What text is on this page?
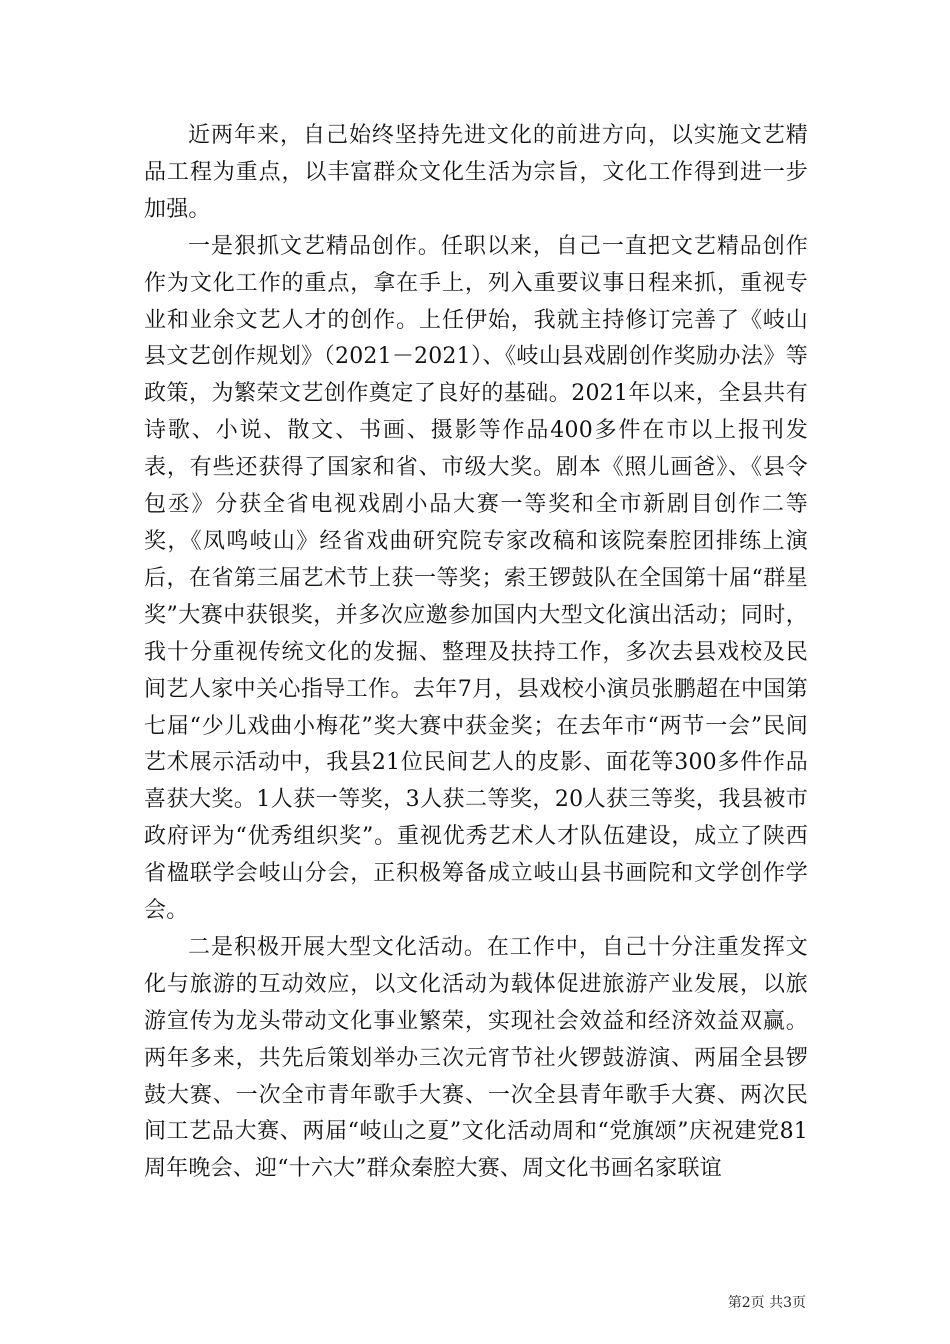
近两年来，自己始终坚持先进文化的前进方向，以实施文艺精品工程为重点，以丰富群众文化生活为宗旨，文化工作得到进一步加强。

一是狠抓文艺精品创作。任职以来，自己一直把文艺精品创作作为文化工作的重点，拿在手上，列入重要议事日程来抓，重视专业和业余文艺人才的创作。上任伊始，我就主持修订完善了《岐山县文艺创作规划》（2021－2021）、《岐山县戏剧创作奖励办法》等政策，为繁荣文艺创作奠定了良好的基础。2021年以来，全县共有诗歌、小说、散文、书画、摄影等作品400多件在市以上报刊发表，有些还获得了国家和省、市级大奖。剧本《照儿画爸》、《县令包丞》分获全省电视戏剧小品大赛一等奖和全市新剧目创作二等奖，《凤鸣岐山》经省戏曲研究院专家改稿和该院秦腔团排练上演后，在省第三届艺术节上获一等奖；索王锣鼓队在全国第十届“群星奖”大赛中获银奖，并多次应邀参加国内大型文化演出活动；同时，我十分重视传统文化的发掘、整理及扶持工作，多次去县戏校及民间艺人家中关心指导工作。去年7月，县戏校小演员张鹏超在中国第七届“少儿戏曲小梅花”奖大赛中获金奖；在去年市“两节一会”民间艺术展示活动中，我县21位民间艺人的皮影、面花等300多件作品喜获大奖。1人获一等奖，3人获二等奖，20人获三等奖，我县被市政府评为“优秀组织奖”。重视优秀艺术人才队伍建设，成立了陕西省楹联学会岐山分会，正积极筹备成立岐山县书画院和文学创作学会。

二是积极开展大型文化活动。在工作中，自己十分注重发挥文化与旅游的互动效应，以文化活动为载体促进旅游产业发展，以旅游宣传为龙头带动文化事业繁荣，实现社会效益和经济效益双赢。两年多来，共先后策划举办三次元宵节社火锣鼓游演、两届全县锣鼓大赛、一次全市青年歌手大赛、一次全县青年歌手大赛、两次民间工艺品大赛、两届“岐山之夏”文化活动周和“党旗颂”庆祝建党81周年晚会、迎“十六大”群众秦腔大赛、周文化书画名家联谊

第2页 共3页
